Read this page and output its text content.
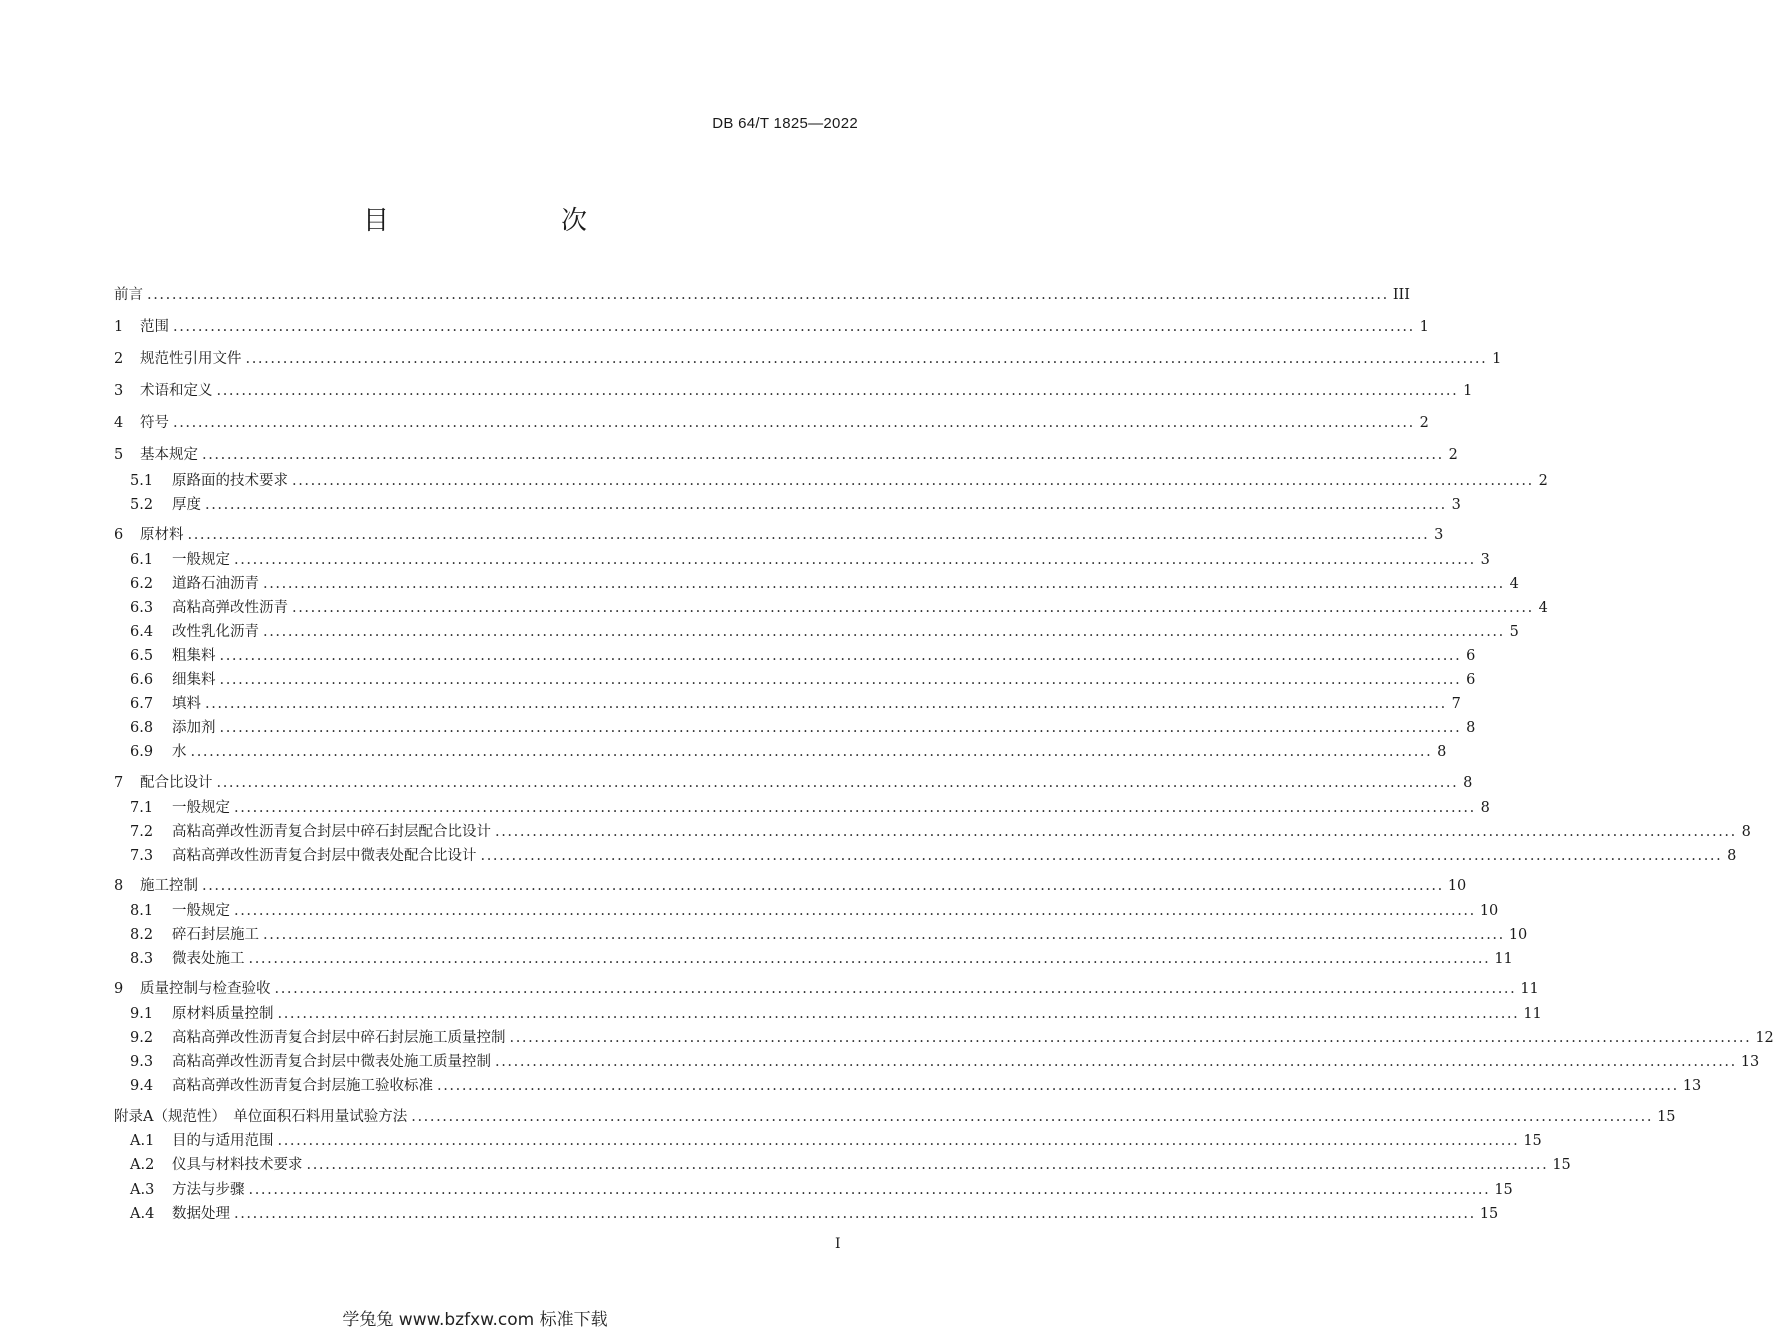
DB 64/T 1825—2022
目　　次
前言 ........................................................................................................................................................................................................ III
1	范围 ........................................................................................................................................................................................................ 1
2	规范性引用文件 ........................................................................................................................................................................................................ 1
3	术语和定义 ........................................................................................................................................................................................................ 1
4	符号 ........................................................................................................................................................................................................ 2
5	基本规定 ........................................................................................................................................................................................................ 2
5.1	原路面的技术要求 ........................................................................................................................................................................................................ 2
5.2	厚度 ........................................................................................................................................................................................................ 3
6	原材料 ........................................................................................................................................................................................................ 3
6.1	一般规定 ........................................................................................................................................................................................................ 3
6.2	道路石油沥青 ........................................................................................................................................................................................................ 4
6.3	高粘高弹改性沥青 ........................................................................................................................................................................................................ 4
6.4	改性乳化沥青 ........................................................................................................................................................................................................ 5
6.5	粗集料 ........................................................................................................................................................................................................ 6
6.6	细集料 ........................................................................................................................................................................................................ 6
6.7	填料 ........................................................................................................................................................................................................ 7
6.8	添加剂 ........................................................................................................................................................................................................ 8
6.9	水 ........................................................................................................................................................................................................ 8
7	配合比设计 ........................................................................................................................................................................................................ 8
7.1	一般规定 ........................................................................................................................................................................................................ 8
7.2	高粘高弹改性沥青复合封层中碎石封层配合比设计 ........................................................................................................................................................................................................ 8
7.3	高粘高弹改性沥青复合封层中微表处配合比设计 ........................................................................................................................................................................................................ 8
8	施工控制 ........................................................................................................................................................................................................ 10
8.1	一般规定 ........................................................................................................................................................................................................ 10
8.2	碎石封层施工 ........................................................................................................................................................................................................ 10
8.3	微表处施工 ........................................................................................................................................................................................................ 11
9	质量控制与检查验收 ........................................................................................................................................................................................................ 11
9.1	原材料质量控制 ........................................................................................................................................................................................................ 11
9.2	高粘高弹改性沥青复合封层中碎石封层施工质量控制 ........................................................................................................................................................................................................ 12
9.3	高粘高弹改性沥青复合封层中微表处施工质量控制 ........................................................................................................................................................................................................ 13
9.4	高粘高弹改性沥青复合封层施工验收标准 ........................................................................................................................................................................................................ 13
附录A（规范性）　单位面积石料用量试验方法 ........................................................................................................................................................................................................ 15
A.1	目的与适用范围 ........................................................................................................................................................................................................ 15
A.2	仪具与材料技术要求 ........................................................................................................................................................................................................ 15
A.3	方法与步骤 ........................................................................................................................................................................................................ 15
A.4	数据处理 ........................................................................................................................................................................................................ 15
I
学兔兔 www.bzfxw.com 标准下载
